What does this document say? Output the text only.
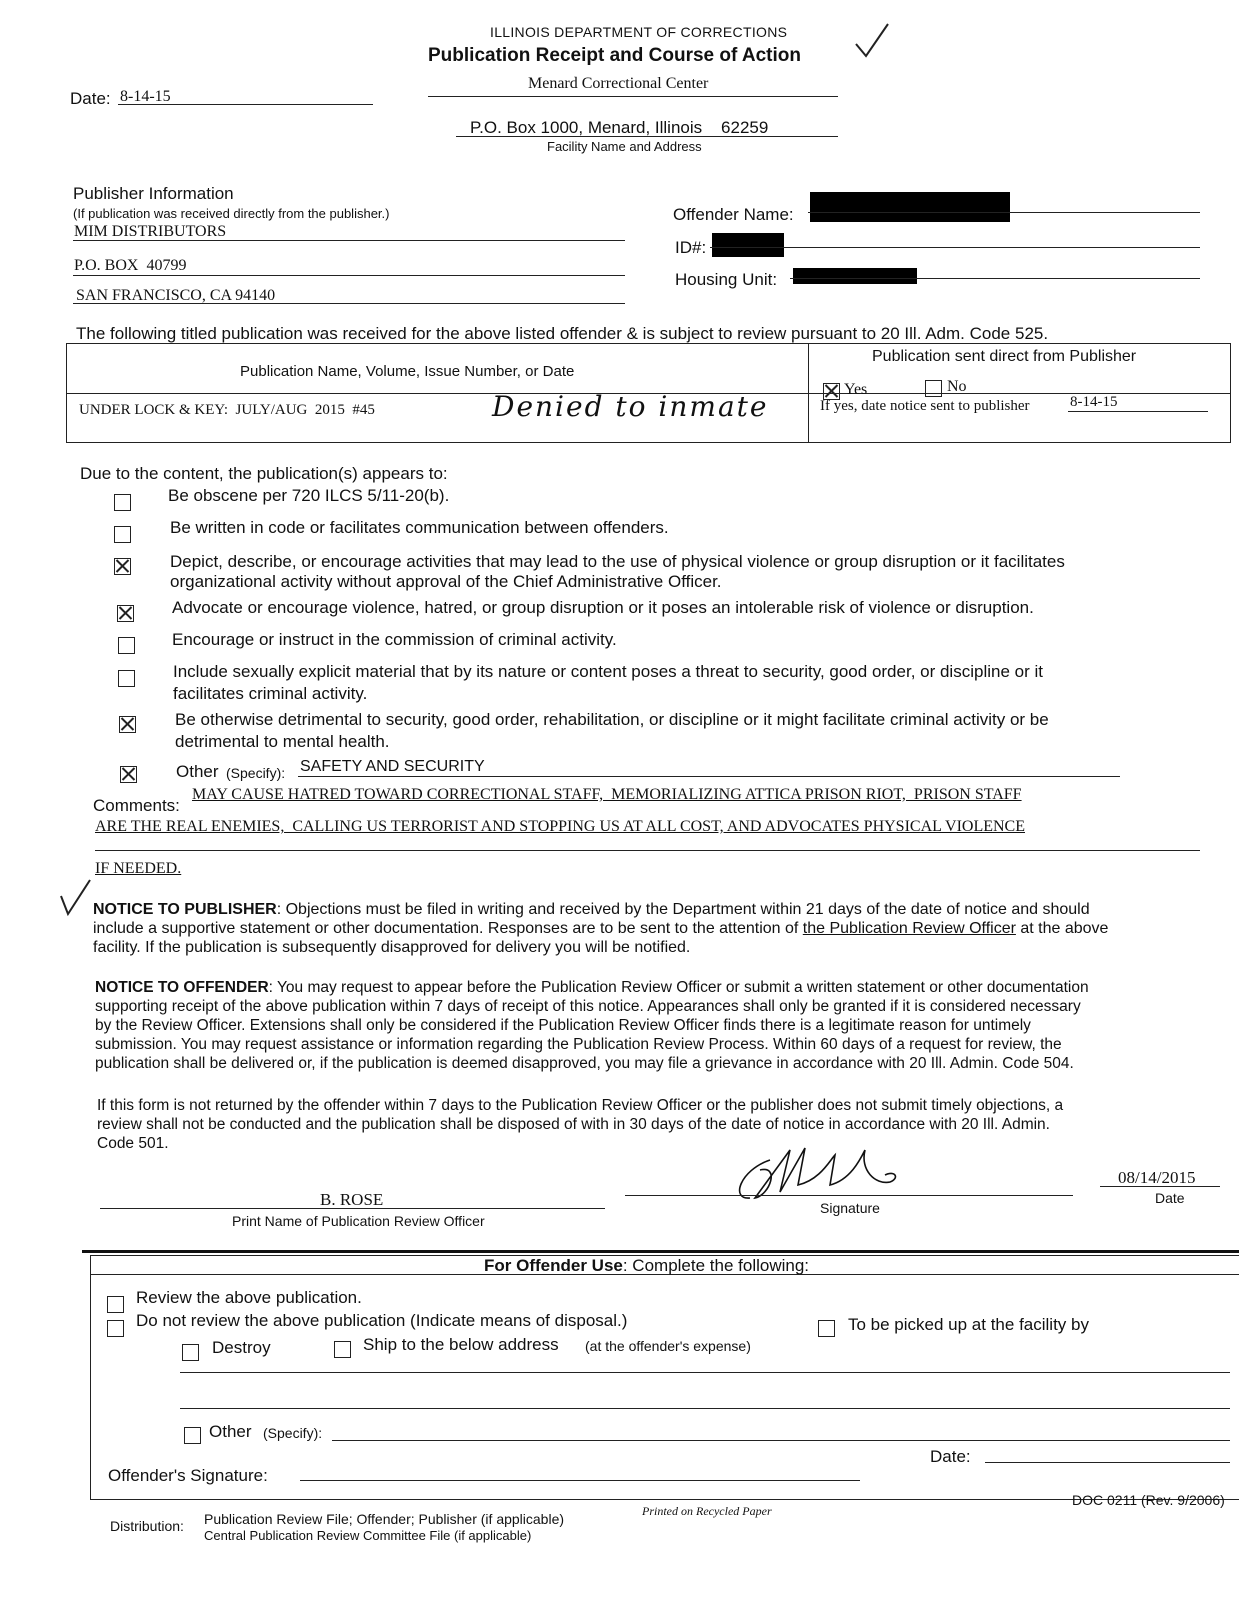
ILLINOIS DEPARTMENT OF CORRECTIONS
Publication Receipt and Course of Action
Menard Correctional Center
Date: 8-14-15
P.O. Box 1000, Menard, Illinois    62259
Facility Name and Address
Publisher Information
(If publication was received directly from the publisher.)
MIM DISTRIBUTORS
P.O. BOX  40799
SAN FRANCISCO, CA 94140
Offender Name:
ID#:
Housing Unit:
The following titled publication was received for the above listed offender & is subject to review pursuant to 20 Ill. Adm. Code 525.
Publication Name, Volume, Issue Number, or Date
Publication sent direct from Publisher
UNDER LOCK & KEY:  JULY/AUG  2015  #45	Denied to inmate
Yes	No
If yes, date notice sent to publisher	8-14-15
Due to the content, the publication(s) appears to:
Be obscene per 720 ILCS 5/11-20(b).
Be written in code or facilitates communication between offenders.
Depict, describe, or encourage activities that may lead to the use of physical violence or group disruption or it facilitates
organizational activity without approval of the Chief Administrative Officer.
Advocate or encourage violence, hatred, or group disruption or it poses an intolerable risk of violence or disruption.
Encourage or instruct in the commission of criminal activity.
Include sexually explicit material that by its nature or content poses a threat to security, good order, or discipline or it
facilitates criminal activity.
Be otherwise detrimental to security, good order, rehabilitation, or discipline or it might facilitate criminal activity or be
detrimental to mental health.
Other (Specify): SAFETY AND SECURITY
Comments:
MAY CAUSE HATRED TOWARD CORRECTIONAL STAFF,  MEMORIALIZING ATTICA PRISON RIOT,  PRISON STAFF
ARE THE REAL ENEMIES,  CALLING US TERRORIST AND STOPPING US AT ALL COST, AND ADVOCATES PHYSICAL VIOLENCE
IF NEEDED.
NOTICE TO PUBLISHER: Objections must be filed in writing and received by the Department within 21 days of the date of notice and should
include a supportive statement or other documentation. Responses are to be sent to the attention of the Publication Review Officer at the above
facility. If the publication is subsequently disapproved for delivery you will be notified.
NOTICE TO OFFENDER: You may request to appear before the Publication Review Officer or submit a written statement or other documentation
supporting receipt of the above publication within 7 days of receipt of this notice. Appearances shall only be granted if it is considered necessary
by the Review Officer. Extensions shall only be considered if the Publication Review Officer finds there is a legitimate reason for untimely
submission. You may request assistance or information regarding the Publication Review Process. Within 60 days of a request for review, the
publication shall be delivered or, if the publication is deemed disapproved, you may file a grievance in accordance with 20 Ill. Admin. Code 504.
If this form is not returned by the offender within 7 days to the Publication Review Officer or the publisher does not submit timely objections, a
review shall not be conducted and the publication shall be disposed of with in 30 days of the date of notice in accordance with 20 Ill. Admin.
Code 501.
B. ROSE
Print Name of Publication Review Officer
Signature
08/14/2015
Date
For Offender Use: Complete the following:
Review the above publication.
Do not review the above publication (Indicate means of disposal.)	To be picked up at the facility by
Destroy	Ship to the below address (at the offender's expense)
Other (Specify):
Date:
Offender's Signature:
DOC 0211 (Rev. 9/2006)
Printed on Recycled Paper
Distribution: Publication Review File; Offender; Publisher (if applicable)
Central Publication Review Committee File (if applicable)
